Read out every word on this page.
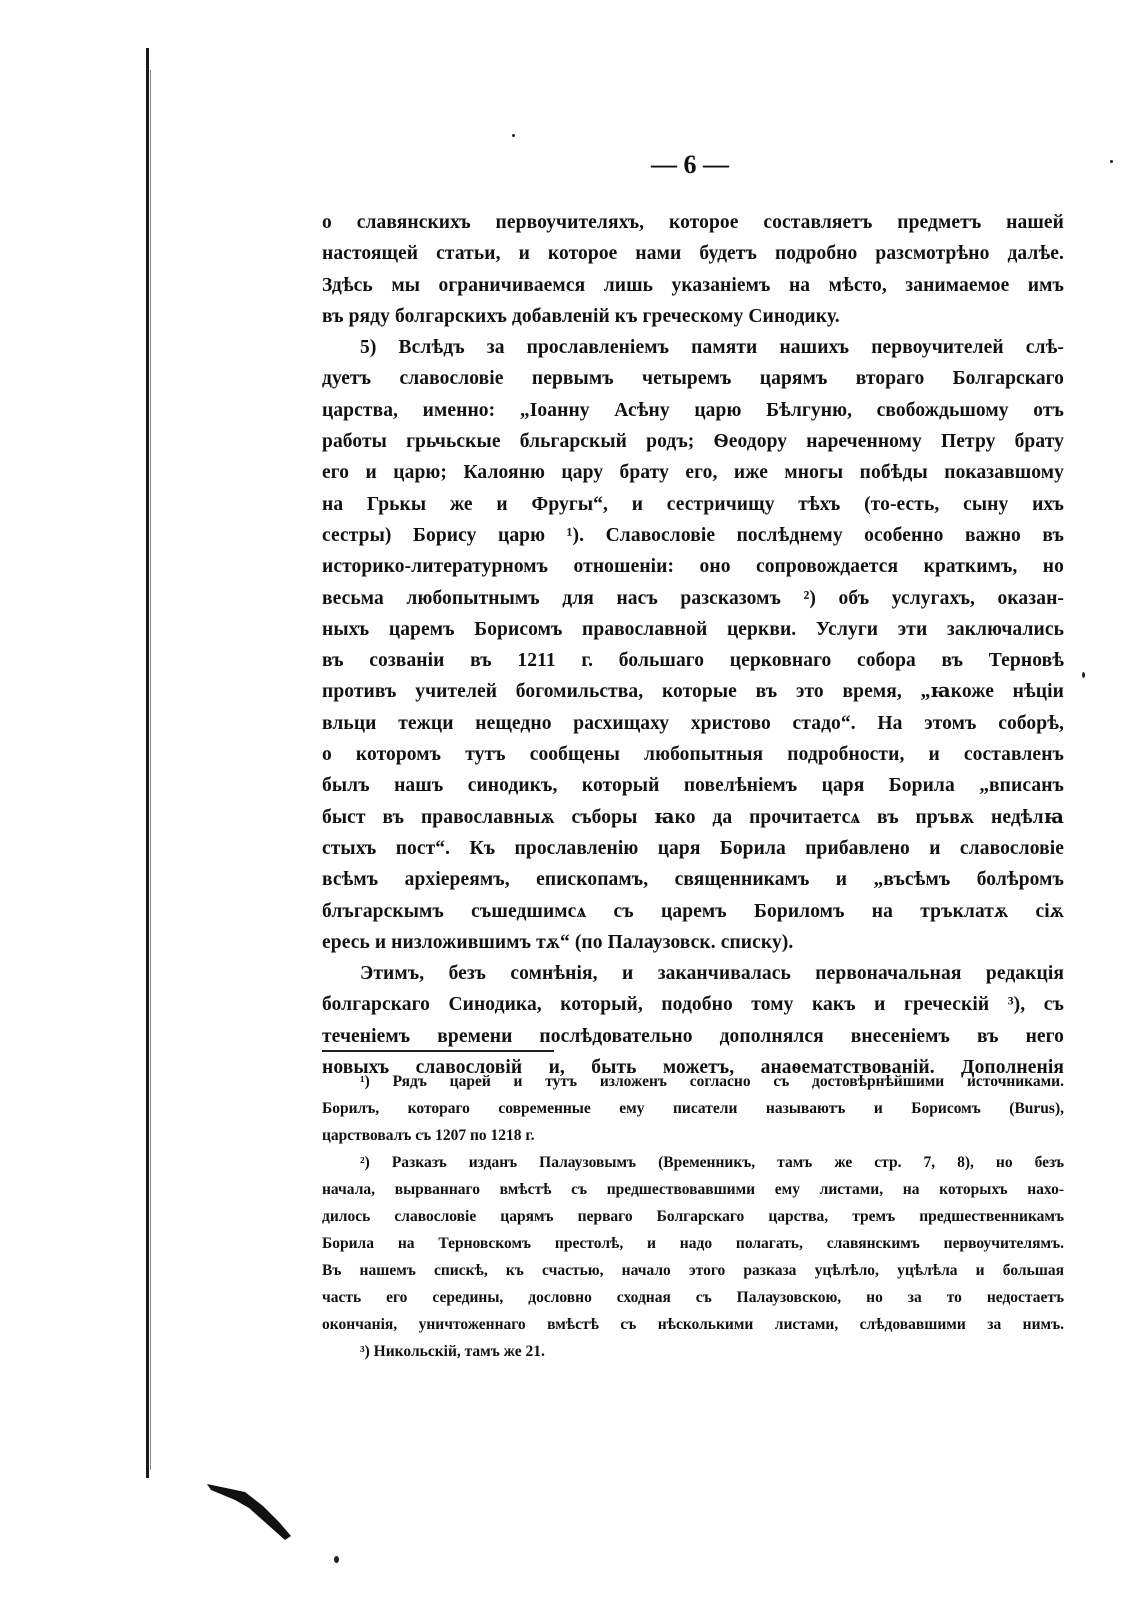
— 6 —
о славянскихъ первоучителяхъ, которое составляетъ предметъ нашей
настоящей статьи, и которое нами будетъ подробно разсмотрѣно далѣе.
Здѣсь мы ограничиваемся лишь указаніемъ на мѣсто, занимаемое имъ
въ ряду болгарскихъ добавленій къ греческому Синодику.
5) Вслѣдъ за прославленіемъ памяти нашихъ первоучителей слѣ-
дуетъ славословіе первымъ четыремъ царямъ втораго Болгарскаго
царства, именно: „Іоанну Асѣну царю Бѣлгуню, свобождьшому отъ
работы грьчьскые бльгарскый родъ; Ѳеодору нареченному Петру брату
его и царю; Калояню цару брату его, иже многы побѣды показавшому
на Грькы же и Фругы“, и сестричищу тѣхъ (то-есть, сыну ихъ
сестры) Борису царю ¹). Славословіе послѣднему особенно важно въ
историко-литературномъ отношеніи: оно сопровождается краткимъ, но
весьма любопытнымъ для насъ разсказомъ ²) объ услугахъ, оказан-
ныхъ царемъ Борисомъ православной церкви. Услуги эти заключались
въ созваніи въ 1211 г. большаго церковнаго собора въ Терновѣ
противъ учителей богомильства, которые въ это время, „ꙗкоже нѣціи
вльци тежци нещедно расхищаху христово стадо“. На этомъ соборѣ,
о которомъ тутъ сообщены любопытныя подробности, и составленъ
былъ нашъ синодикъ, который повелѣніемъ царя Борила „вписанъ
быст въ православныѫ съборы ꙗко да прочитаетсѧ въ пръвѫ недѣлꙗ
стыхъ пост“. Къ прославленію царя Борила прибавлено и славословіе
всѣмъ архіереямъ, епископамъ, священникамъ и „въсѣмъ болѣромъ
блъгарскымъ съшедшимсѧ съ царемъ Бориломъ на тръклатѫ сіѫ
ересь и низложившимъ тѫ“ (по Палаузовск. списку).
Этимъ, безъ сомнѣнія, и заканчивалась первоначальная редакція
болгарскаго Синодика, который, подобно тому какъ и греческій ³), съ
теченіемъ времени послѣдовательно дополнялся внесеніемъ въ него
новыхъ славословій и, быть можетъ, анаѳематствованій. Дополненія
¹) Рядъ царей и тутъ изложенъ согласно съ достовѣрнѣйшими источниками.
Борилъ, котораго современные ему писатели называютъ и Борисомъ (Burus),
царствовалъ съ 1207 по 1218 г.
²) Разказъ изданъ Палаузовымъ (Временникъ, тамъ же стр. 7, 8), но безъ
начала, вырваннаго вмѣстѣ съ предшествовавшими ему листами, на которыхъ нахо-
дилось славословіе царямъ перваго Болгарскаго царства, тремъ предшественникамъ
Борила на Терновскомъ престолѣ, и надо полагать, славянскимъ первоучителямъ.
Въ нашемъ спискѣ, къ счастью, начало этого разказа уцѣлѣло, уцѣлѣла и большая
часть его середины, дословно сходная съ Палаузовскою, но за то недостаетъ
окончанія, уничтоженнаго вмѣстѣ съ нѣсколькими листами, слѣдовавшими за нимъ.
³) Никольскій, тамъ же 21.
